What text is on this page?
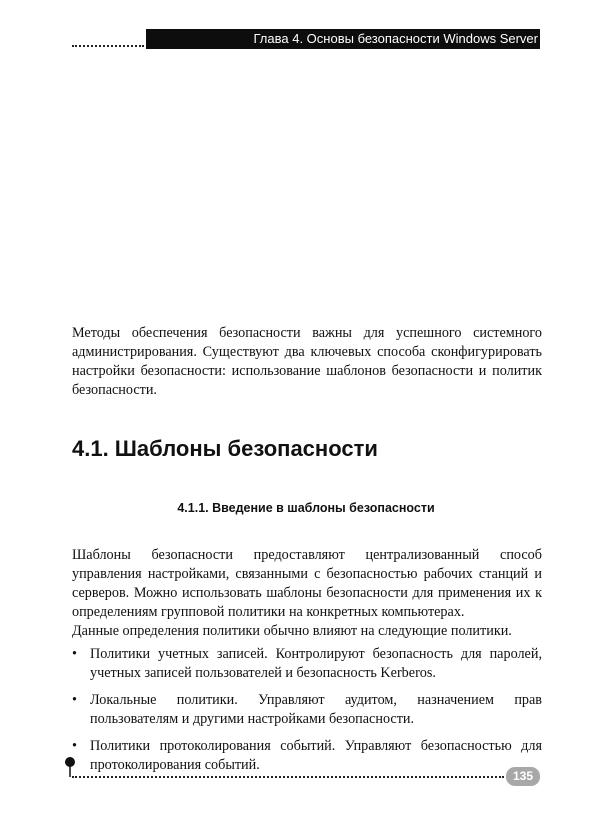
Глава 4. Основы безопасности Windows Server

Методы обеспечения безопасности важны для успешного системного администрирования. Существуют два ключевых способа сконфигурировать настройки безопасности: использование шаблонов безопасности и политик безопасности.

4.1. Шаблоны безопасности
4.1.1. Введение в шаблоны безопасности

Шаблоны безопасности предоставляют централизованный способ управления настройками, связанными с безопасностью рабочих станций и серверов. Можно использовать шаблоны безопасности для применения их к определениям групповой политики на конкретных компьютерах.

Данные определения политики обычно влияют на следующие политики.

• Политики учетных записей. Контролируют безопасность для паролей, учетных записей пользователей и безопасность Kerberos.
• Локальные политики. Управляют аудитом, назначением прав пользователям и другими настройками безопасности.
• Политики протоколирования событий. Управляют безопасностью для протоколирования событий.
135
